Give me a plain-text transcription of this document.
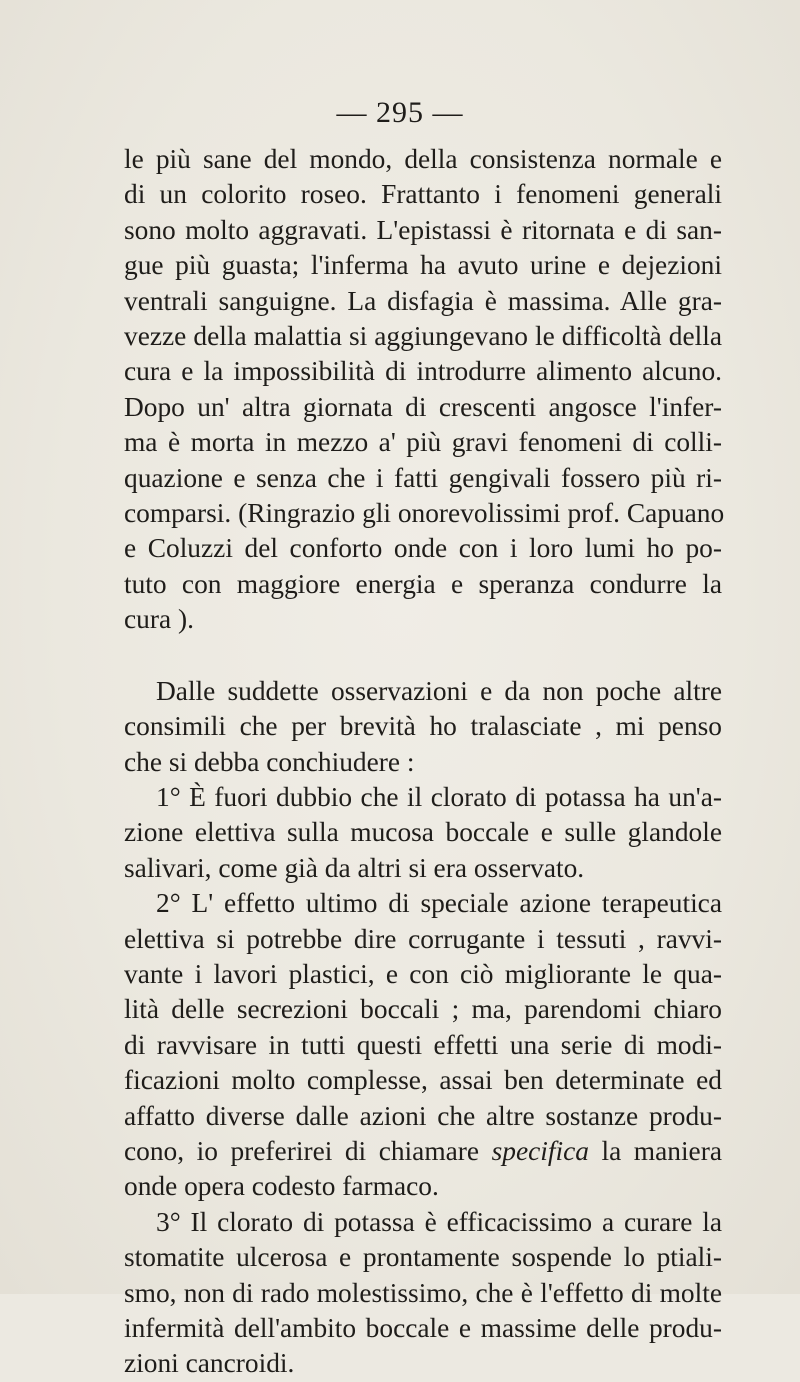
— 295 —
le più sane del mondo, della consistenza normale e
di un colorito roseo. Frattanto i fenomeni generali
sono molto aggravati. L'epistassi è ritornata e di san-
gue più guasta; l'inferma ha avuto urine e dejezioni
ventrali sanguigne. La disfagia è massima. Alle gra-
vezze della malattia si aggiungevano le difficoltà della
cura e la impossibilità di introdurre alimento alcuno.
Dopo un' altra giornata di crescenti angosce l'infer-
ma è morta in mezzo a' più gravi fenomeni di colli-
quazione e senza che i fatti gengivali fossero più ri-
comparsi. (Ringrazio gli onorevolissimi prof. Capuano
e Coluzzi del conforto onde con i loro lumi ho po-
tuto con maggiore energia e speranza condurre la
cura ).
Dalle suddette osservazioni e da non poche altre
consimili che per brevità ho tralasciate , mi penso
che si debba conchiudere :
1° È fuori dubbio che il clorato di potassa ha un'a-
zione elettiva sulla mucosa boccale e sulle glandole
salivari, come già da altri si era osservato.
2° L' effetto ultimo di speciale azione terapeutica
elettiva si potrebbe dire corrugante i tessuti , ravvi-
vante i lavori plastici, e con ciò migliorante le qua-
lità delle secrezioni boccali ; ma, parendomi chiaro
di ravvisare in tutti questi effetti una serie di modi-
ficazioni molto complesse, assai ben determinate ed
affatto diverse dalle azioni che altre sostanze produ-
cono, io preferirei di chiamare specifica la maniera
onde opera codesto farmaco.
3° Il clorato di potassa è efficacissimo a curare la
stomatite ulcerosa e prontamente sospende lo ptiali-
smo, non di rado molestissimo, che è l'effetto di molte
infermità dell'ambito boccale e massime delle produ-
zioni cancroidi.
